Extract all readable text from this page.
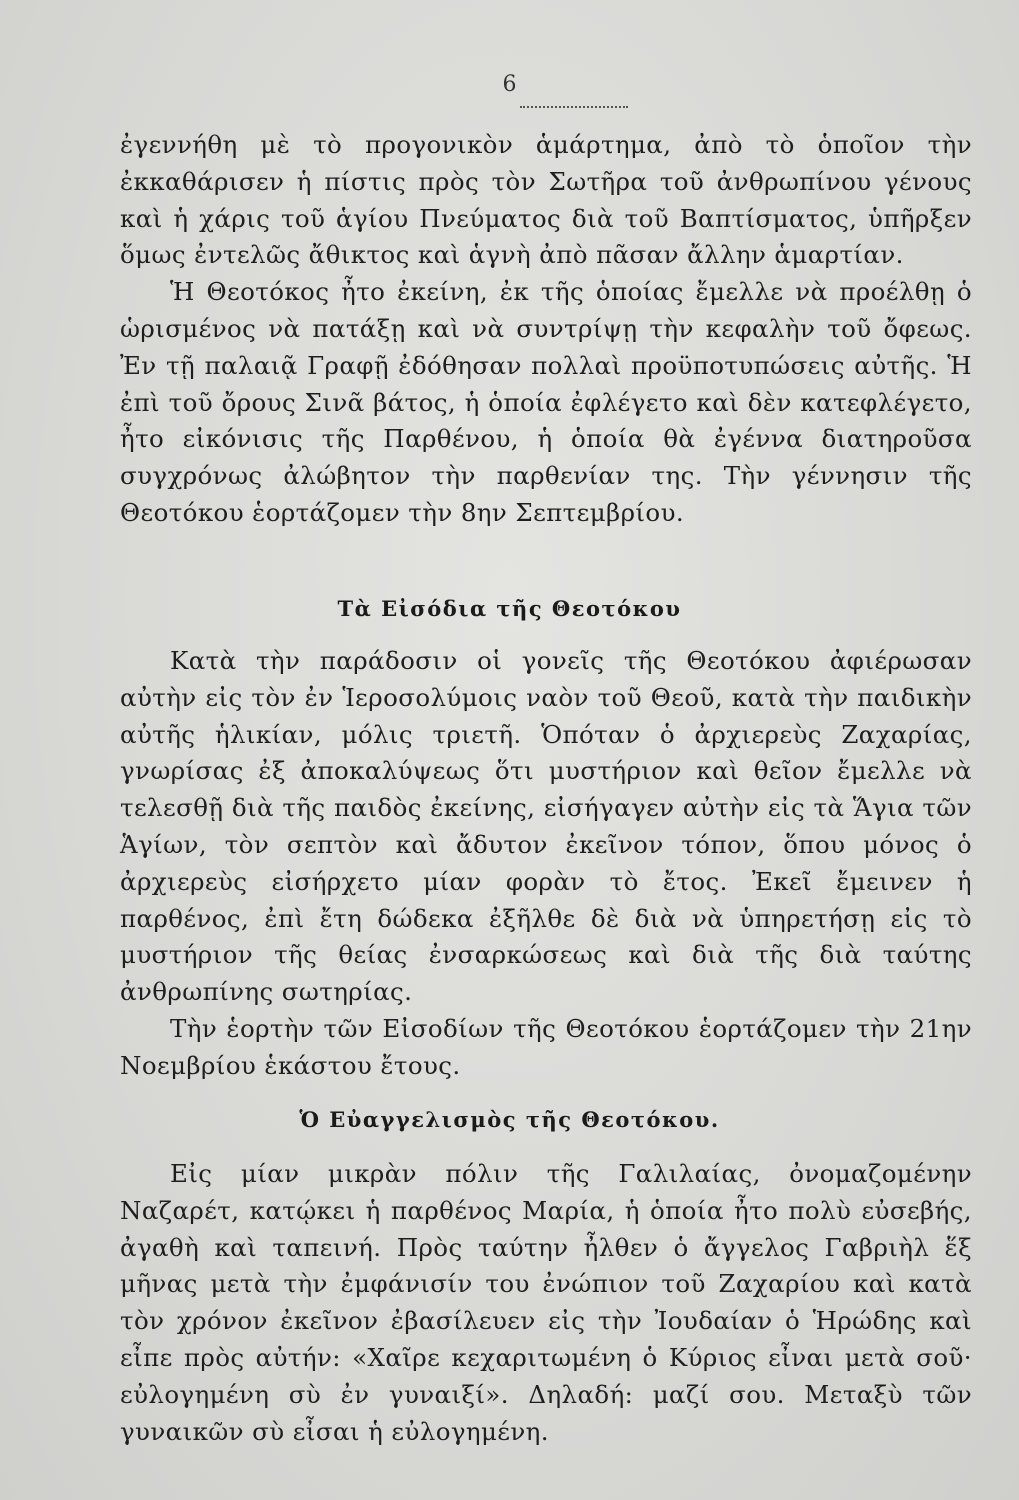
6

ἐγεννήθη μὲ τὸ προγονικὸν ἁμάρτημα, ἀπὸ τὸ ὁποῖον τὴν ἐκκαθάρισεν ἡ πίστις πρὸς τὸν Σωτῆρα τοῦ ἀνθρωπίνου γένους καὶ ἡ χάρις τοῦ ἁγίου Πνεύματος διὰ τοῦ Βαπτίσματος, ὑπῆρξεν ὅμως ἐντελῶς ἄθικτος καὶ ἁγνὴ ἀπὸ πᾶσαν ἄλλην ἁμαρτίαν.

Ἡ Θεοτόκος ἦτο ἐκείνη, ἐκ τῆς ὁποίας ἔμελλε νὰ προέλθῃ ὁ ὡρισμένος νὰ πατάξῃ καὶ νὰ συντρίψῃ τὴν κεφαλὴν τοῦ ὄφεως. Ἐν τῇ παλαιᾷ Γραφῇ ἐδόθησαν πολλαὶ προϋποτυπώσεις αὐτῆς. Ἡ ἐπὶ τοῦ ὄρους Σινᾶ βάτος, ἡ ὁποία ἐφλέγετο καὶ δὲν κατεφλέγετο, ἦτο εἰκόνισις τῆς Παρθένου, ἡ ὁποία θὰ ἐγέννα διατηροῦσα συγχρόνως ἀλώβητον τὴν παρθενίαν της. Τὴν γέννησιν τῆς Θεοτόκου ἑορτάζομεν τὴν 8ην Σεπτεμβρίου.

Τὰ Εἰσόδια τῆς Θεοτόκου

Κατὰ τὴν παράδοσιν οἱ γονεῖς τῆς Θεοτόκου ἀφιέρωσαν αὐτὴν εἰς τὸν ἐν Ἱεροσολύμοις ναὸν τοῦ Θεοῦ, κατὰ τὴν παιδικὴν αὐτῆς ἡλικίαν, μόλις τριετῆ. Ὁπόταν ὁ ἀρχιερεὺς Ζαχαρίας, γνωρίσας ἐξ ἀποκαλύψεως ὅτι μυστήριον καὶ θεῖον ἔμελλε νὰ τελεσθῇ διὰ τῆς παιδὸς ἐκείνης, εἰσήγαγεν αὐτὴν εἰς τὰ Ἅγια τῶν Ἁγίων, τὸν σεπτὸν καὶ ἄδυτον ἐκεῖνον τόπον, ὅπου μόνος ὁ ἀρχιερεὺς εἰσήρχετο μίαν φορὰν τὸ ἔτος. Ἐκεῖ ἔμεινεν ἡ παρθένος, ἐπὶ ἔτη δώδεκα ἐξῆλθε δὲ διὰ νὰ ὑπηρετήσῃ εἰς τὸ μυστήριον τῆς θείας ἐνσαρκώσεως καὶ διὰ τῆς διὰ ταύτης ἀνθρωπίνης σωτηρίας.

Τὴν ἑορτὴν τῶν Εἰσοδίων τῆς Θεοτόκου ἑορτάζομεν τὴν 21ην Νοεμβρίου ἑκάστου ἔτους.

Ὁ Εὐαγγελισμὸς τῆς Θεοτόκου.

Εἰς μίαν μικρὰν πόλιν τῆς Γαλιλαίας, ὀνομαζομένην Ναζαρέτ, κατῴκει ἡ παρθένος Μαρία, ἡ ὁποία ἦτο πολὺ εὐσεβής, ἀγαθὴ καὶ ταπεινή. Πρὸς ταύτην ἦλθεν ὁ ἄγγελος Γαβριὴλ ἕξ μῆνας μετὰ τὴν ἐμφάνισίν του ἐνώπιον τοῦ Ζαχαρίου καὶ κατὰ τὸν χρόνον ἐκεῖνον ἐβασίλευεν εἰς τὴν Ἰουδαίαν ὁ Ἡρώδης καὶ εἶπε πρὸς αὐτήν: «Χαῖρε κεχαριτωμένη ὁ Κύριος εἶναι μετὰ σοῦ· εὐλογημένη σὺ ἐν γυναιξί». Δηλαδή: μαζί σου. Μεταξὺ τῶν γυναικῶν σὺ εἶσαι ἡ εὐλογημένη.
